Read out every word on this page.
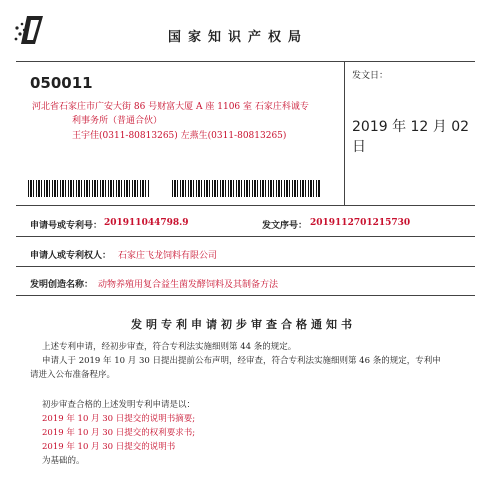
国家知识产权局
050011
河北省石家庄市广安大街 86 号财富大厦 A 座 1106 室 石家庄科诚专
利事务所（普通合伙）
王宇佳(0311-80813265) 左燕生(0311-80813265)
发文日：
2019 年 12 月 02 日
申请号或专利号： 201911044798.9	发文序号： 2019112701215730
申请人或专利权人： 石家庄飞龙饲料有限公司
发明创造名称： 动物养殖用复合益生菌发酵饲料及其制备方法
发明专利申请初步审查合格通知书
上述专利申请，经初步审查，符合专利法实施细则第 44 条的规定。
申请人于 2019 年 10 月 30 日提出提前公布声明，经审查，符合专利法实施细则第 46 条的规定，专利申
请进入公布准备程序。
初步审查合格的上述发明专利申请是以：
2019 年 10 月 30 日提交的说明书摘要;
2019 年 10 月 30 日提交的权利要求书;
2019 年 10 月 30 日提交的说明书
为基础的。
